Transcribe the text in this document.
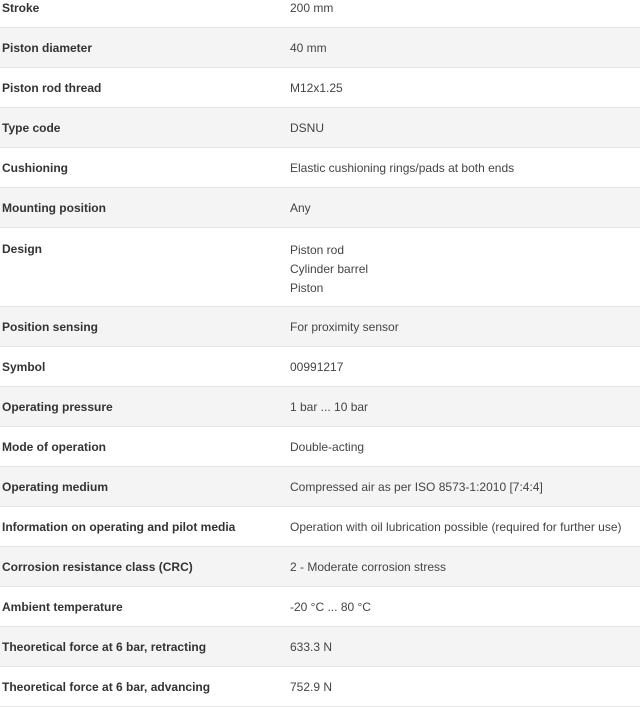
Stroke	200 mm
Piston diameter	40 mm
Piston rod thread	M12x1.25
Type code	DSNU
Cushioning	Elastic cushioning rings/pads at both ends
Mounting position	Any
Design	Piston rod
Cylinder barrel
Piston
Position sensing	For proximity sensor
Symbol	00991217
Operating pressure	1 bar ... 10 bar
Mode of operation	Double-acting
Operating medium	Compressed air as per ISO 8573-1:2010 [7:4:4]
Information on operating and pilot media	Operation with oil lubrication possible (required for further use)
Corrosion resistance class (CRC)	2 - Moderate corrosion stress
Ambient temperature	-20 °C ... 80 °C
Theoretical force at 6 bar, retracting	633.3 N
Theoretical force at 6 bar, advancing	752.9 N
